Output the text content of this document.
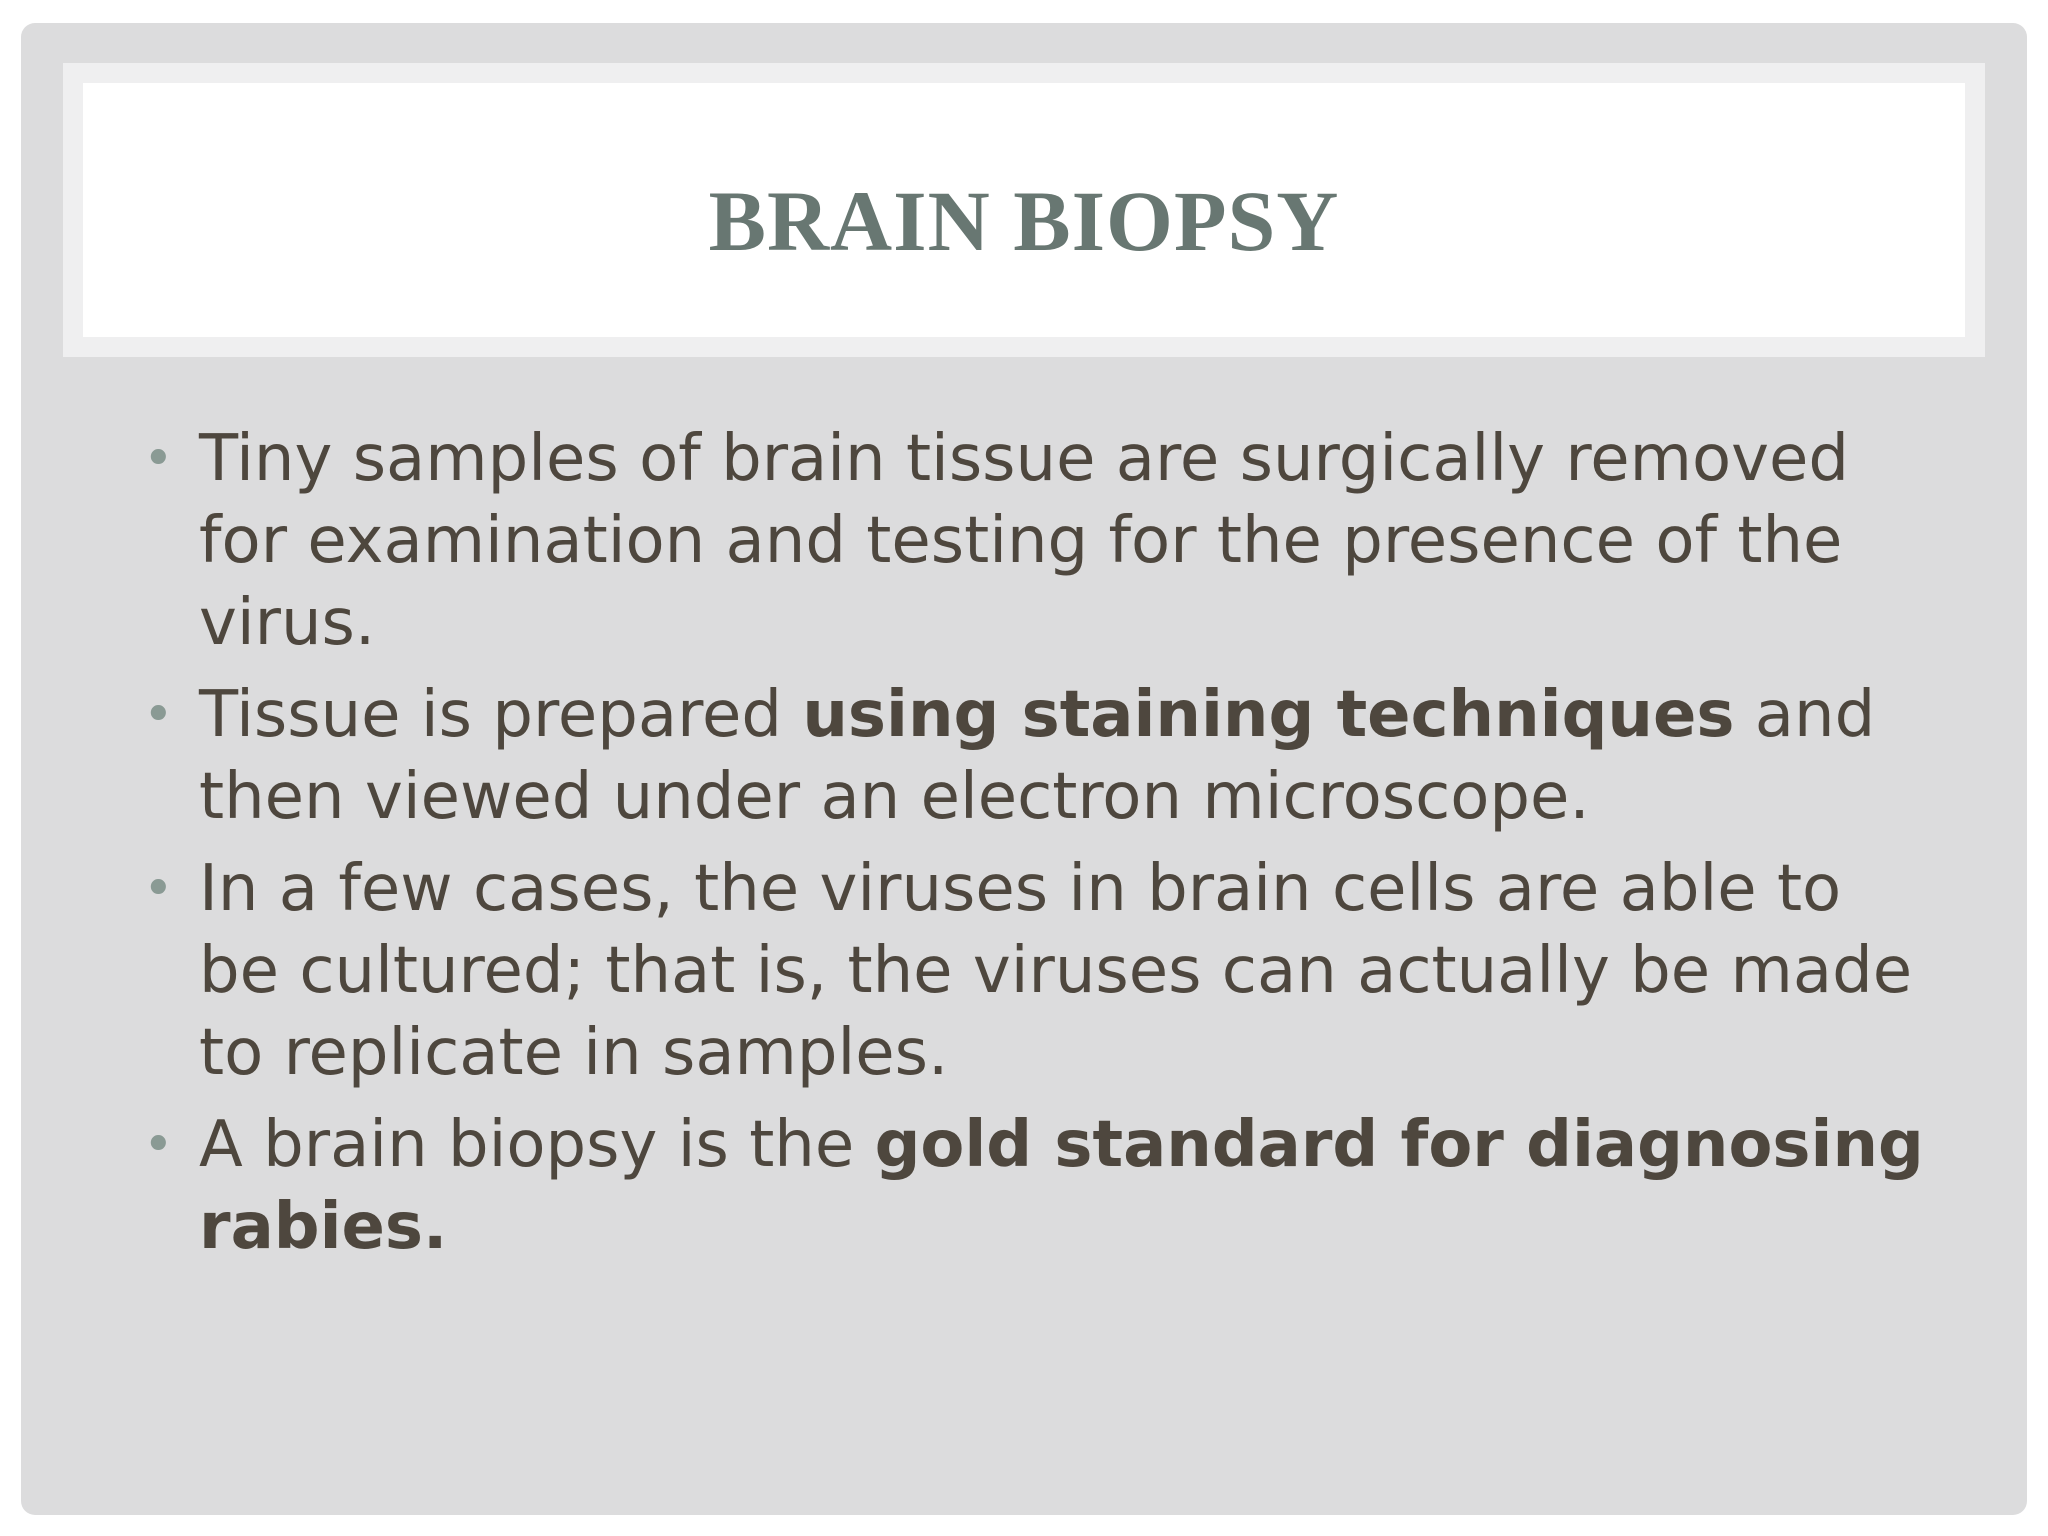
BRAIN BIOPSY
• Tiny samples of brain tissue are surgically removed for examination and testing for the presence of the virus.
• Tissue is prepared using staining techniques and then viewed under an electron microscope.
• In a few cases, the viruses in brain cells are able to be cultured; that is, the viruses can actually be made to replicate in samples.
• A brain biopsy is the gold standard for diagnosing rabies.
